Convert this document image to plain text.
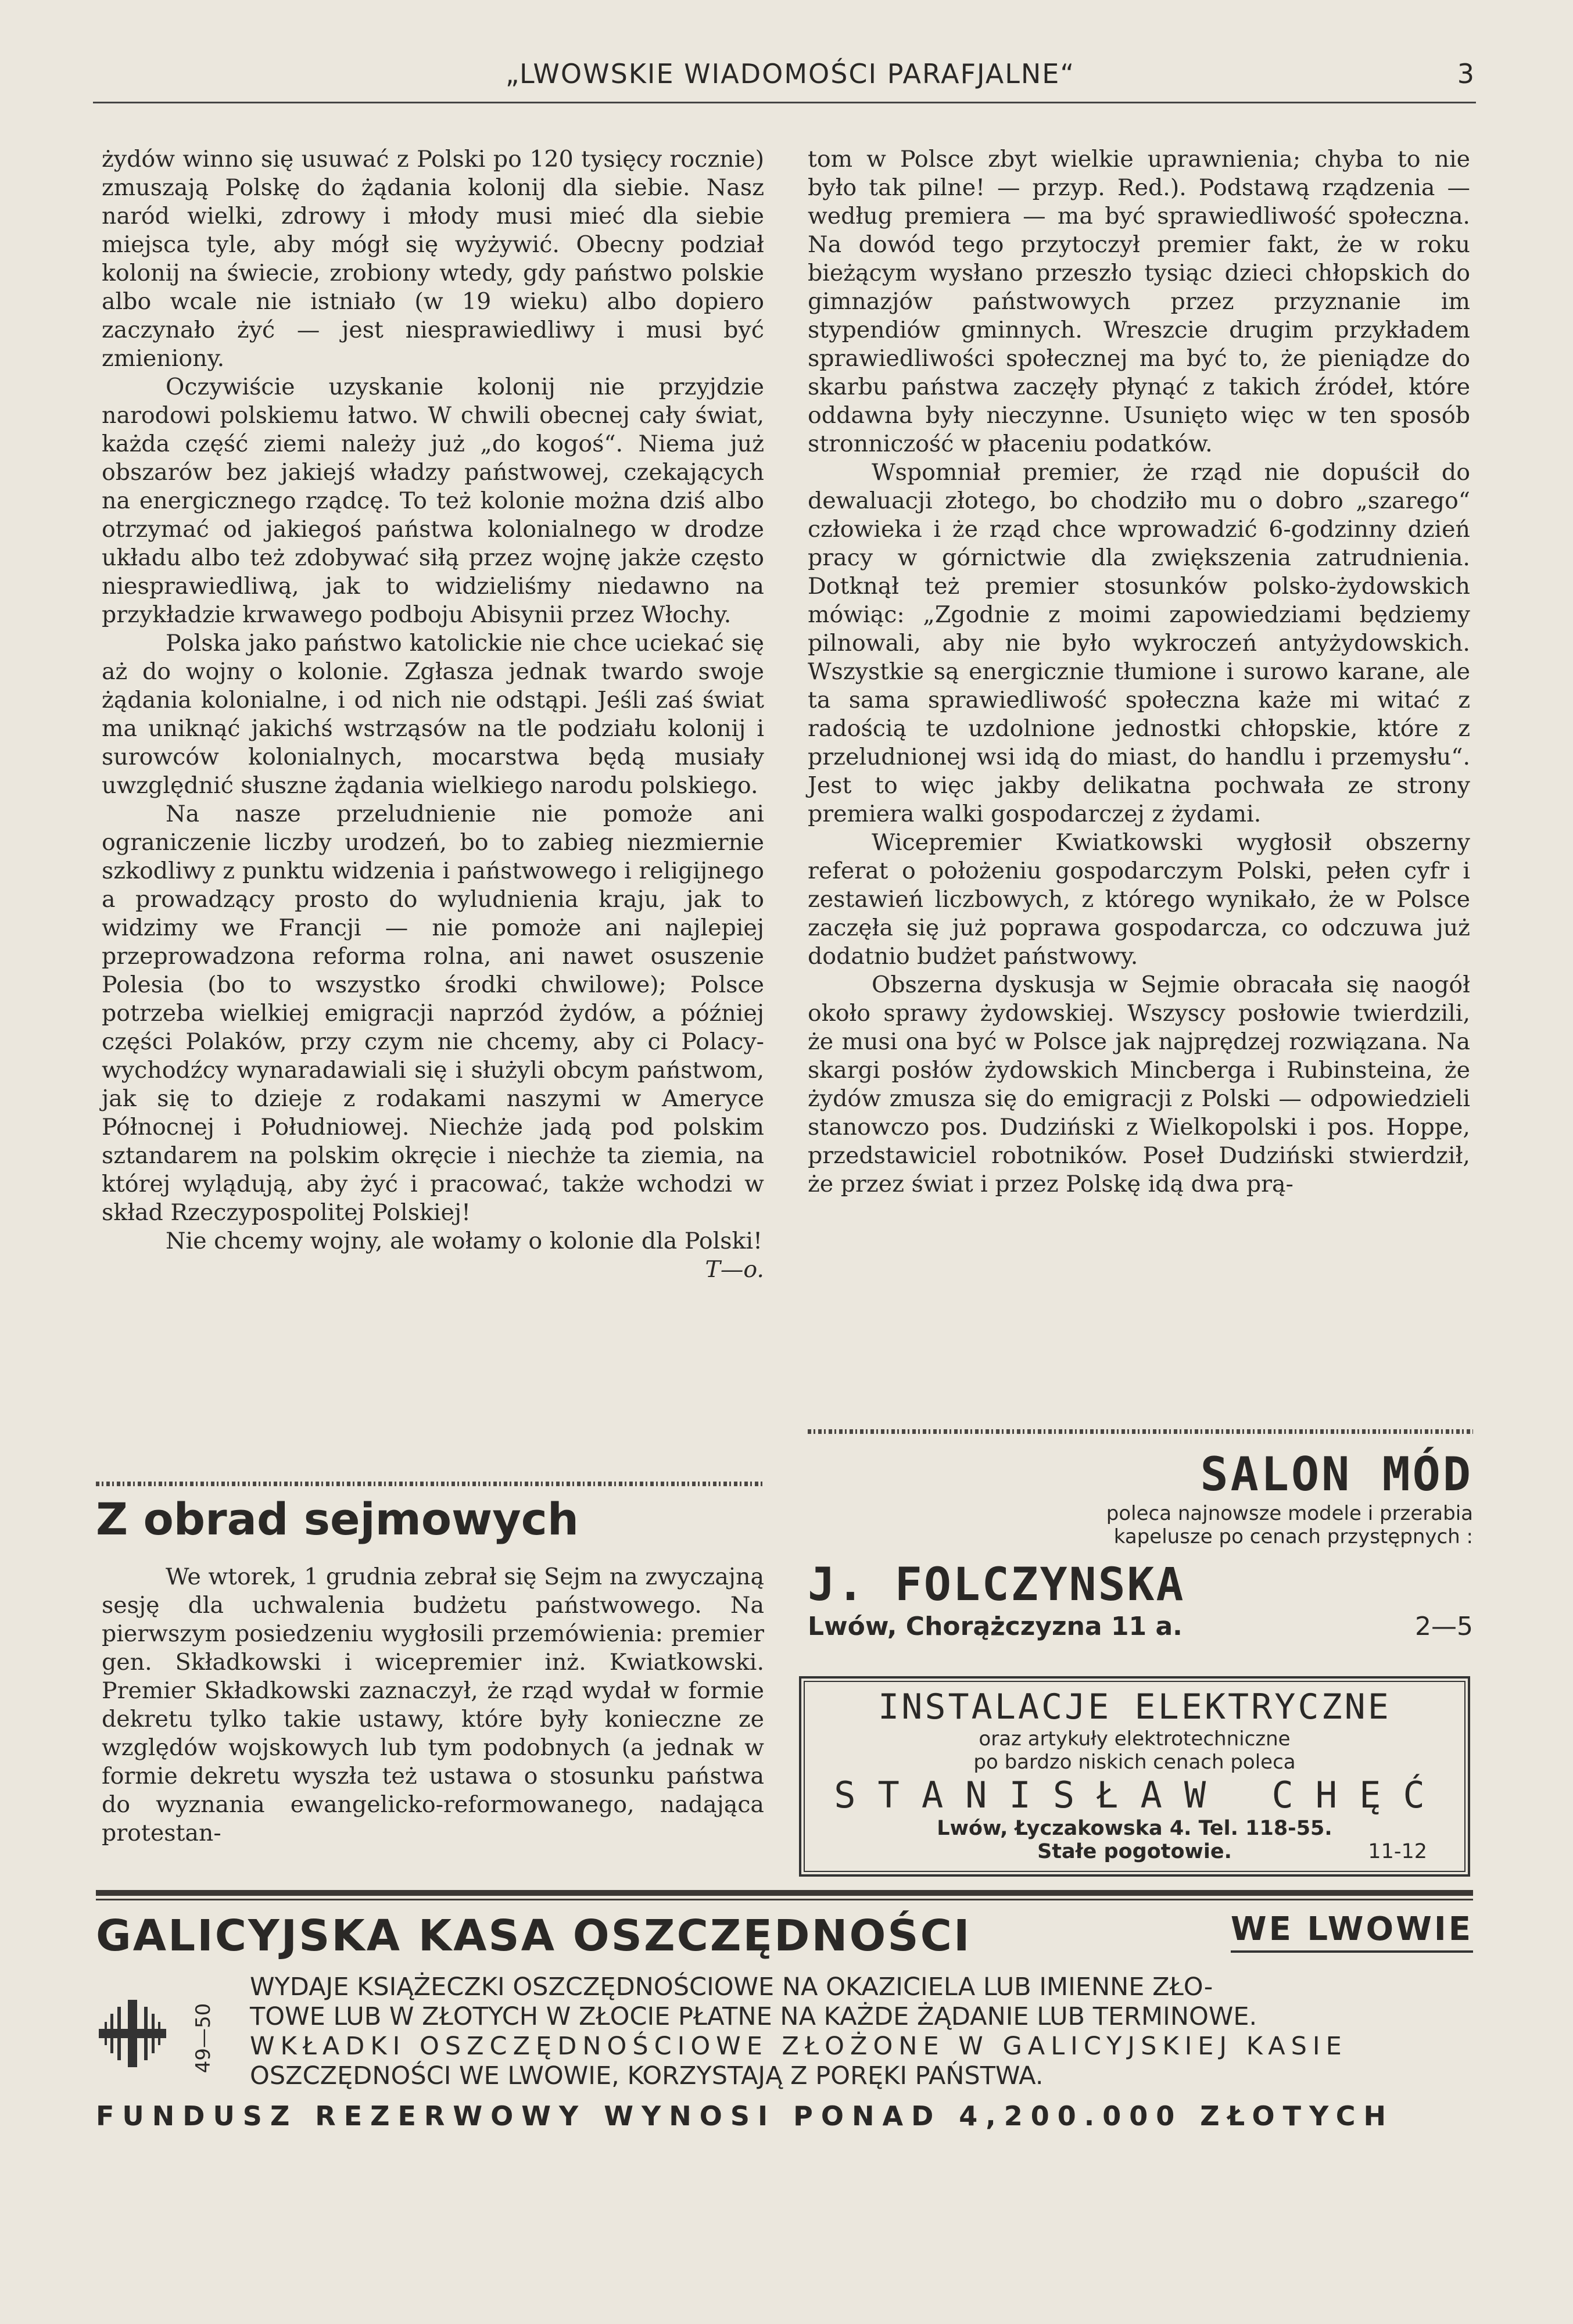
„LWOWSKIE WIADOMOŚCI PARAFJALNE“	3

żydów winno się usuwać z Polski po 120 tysięcy rocznie) zmuszają Polskę do żądania kolonij dla siebie. Nasz naród wielki, zdrowy i młody musi mieć dla siebie miejsca tyle, aby mógł się wyżywić. Obecny podział kolonij na świecie, zrobiony wtedy, gdy państwo polskie albo wcale nie istniało (w 19 wieku) albo dopiero zaczynało żyć — jest niesprawiedliwy i musi być zmieniony.

Oczywiście uzyskanie kolonij nie przyjdzie narodowi polskiemu łatwo. W chwili obecnej cały świat, każda część ziemi należy już „do kogoś“. Niema już obszarów bez jakiejś władzy państwowej, czekających na energicznego rządcę. To też kolonie można dziś albo otrzymać od jakiegoś państwa kolonialnego w drodze układu albo też zdobywać siłą przez wojnę jakże często niesprawiedliwą, jak to widzieliśmy niedawno na przykładzie krwawego podboju Abisynii przez Włochy.

Polska jako państwo katolickie nie chce uciekać się aż do wojny o kolonie. Zgłasza jednak twardo swoje żądania kolonialne, i od nich nie odstąpi. Jeśli zaś świat ma uniknąć jakichś wstrząsów na tle podziału kolonij i surowców kolonialnych, mocarstwa będą musiały uwzględnić słuszne żądania wielkiego narodu polskiego.

Na nasze przeludnienie nie pomoże ani ograniczenie liczby urodzeń, bo to zabieg niezmiernie szkodliwy z punktu widzenia i państwowego i religijnego a prowadzący prosto do wyludnienia kraju, jak to widzimy we Francji — nie pomoże ani najlepiej przeprowadzona reforma rolna, ani nawet osuszenie Polesia (bo to wszystko środki chwilowe); Polsce potrzeba wielkiej emigracji naprzód żydów, a później części Polaków, przy czym nie chcemy, aby ci Polacy-wychodźcy wynaradawiali się i służyli obcym państwom, jak się to dzieje z rodakami naszymi w Ameryce Północnej i Południowej. Niechże jadą pod polskim sztandarem na polskim okręcie i niechże ta ziemia, na której wylądują, aby żyć i pracować, także wchodzi w skład Rzeczypospolitej Polskiej!

Nie chcemy wojny, ale wołamy o kolonie dla Polski!

T—o.

tom w Polsce zbyt wielkie uprawnienia; chyba to nie było tak pilne! — przyp. Red.). Podstawą rządzenia — według premiera — ma być sprawiedliwość społeczna. Na dowód tego przytoczył premier fakt, że w roku bieżącym wysłano przeszło tysiąc dzieci chłopskich do gimnazjów państwowych przez przyznanie im stypendiów gminnych. Wreszcie drugim przykładem sprawiedliwości społecznej ma być to, że pieniądze do skarbu państwa zaczęły płynąć z takich źródeł, które oddawna były nieczynne. Usunięto więc w ten sposób stronniczość w płaceniu podatków.

Wspomniał premier, że rząd nie dopuścił do dewaluacji złotego, bo chodziło mu o dobro „szarego“ człowieka i że rząd chce wprowadzić 6-godzinny dzień pracy w górnictwie dla zwiększenia zatrudnienia. Dotknął też premier stosunków polsko-żydowskich mówiąc: „Zgodnie z moimi zapowiedziami będziemy pilnowali, aby nie było wykroczeń antyżydowskich. Wszystkie są energicznie tłumione i surowo karane, ale ta sama sprawiedliwość społeczna każe mi witać z radością te uzdolnione jednostki chłopskie, które z przeludnionej wsi idą do miast, do handlu i przemysłu“. Jest to więc jakby delikatna pochwała ze strony premiera walki gospodarczej z żydami.

Wicepremier Kwiatkowski wygłosił obszerny referat o położeniu gospodarczym Polski, pełen cyfr i zestawień liczbowych, z którego wynikało, że w Polsce zaczęła się już poprawa gospodarcza, co odczuwa już dodatnio budżet państwowy.

Obszerna dyskusja w Sejmie obracała się naogół około sprawy żydowskiej. Wszyscy posłowie twierdzili, że musi ona być w Polsce jak najprędzej rozwiązana. Na skargi posłów żydowskich Mincberga i Rubinsteina, że żydów zmusza się do emigracji z Polski — odpowiedzieli stanowczo pos. Dudziński z Wielkopolski i pos. Hoppe, przedstawiciel robotników. Poseł Dudziński stwierdził, że przez świat i przez Polskę idą dwa prą-

Z obrad sejmowych

We wtorek, 1 grudnia zebrał się Sejm na zwyczajną sesję dla uchwalenia budżetu państwowego. Na pierwszym posiedzeniu wygłosili przemówienia: premier gen. Składkowski i wicepremier inż. Kwiatkowski. Premier Składkowski zaznaczył, że rząd wydał w formie dekretu tylko takie ustawy, które były konieczne ze względów wojskowych lub tym podobnych (a jednak w formie dekretu wyszła też ustawa o stosunku państwa do wyznania ewangelicko-reformowanego, nadająca protestan-

SALON MÓD
poleca najnowsze modele i przerabia kapelusze po cenach przystępnych :
J. FOLCZYNSKA
Lwów, Chorążczyzna 11 a.	2—5
INSTALACJE ELEKTRYCZNE
oraz artykuły elektrotechniczne
po bardzo niskich cenach poleca
STANISŁAW CHĘĆ
Lwów, Łyczakowska 4. Tel. 118-55.
Stałe pogotowie.	11-12
GALICYJSKA KASA OSZCZĘDNOŚCI	WE LWOWIE
49—50
WYDAJE KSIĄŻECZKI OSZCZĘDNOŚCIOWE NA OKAZICIELA LUB IMIENNE ZŁO-
TOWE LUB W ZŁOTYCH W ZŁOCIE PŁATNE NA KAŻDE ŻĄDANIE LUB TERMINOWE.
WKŁADKI OSZCZĘDNOŚCIOWE ZŁOŻONE W GALICYJSKIEJ KASIE
OSZCZĘDNOŚCI WE LWOWIE, KORZYSTAJĄ Z PORĘKI PAŃSTWA.
FUNDUSZ REZERWOWY WYNOSI PONAD 4,200.000 ZŁOTYCH
